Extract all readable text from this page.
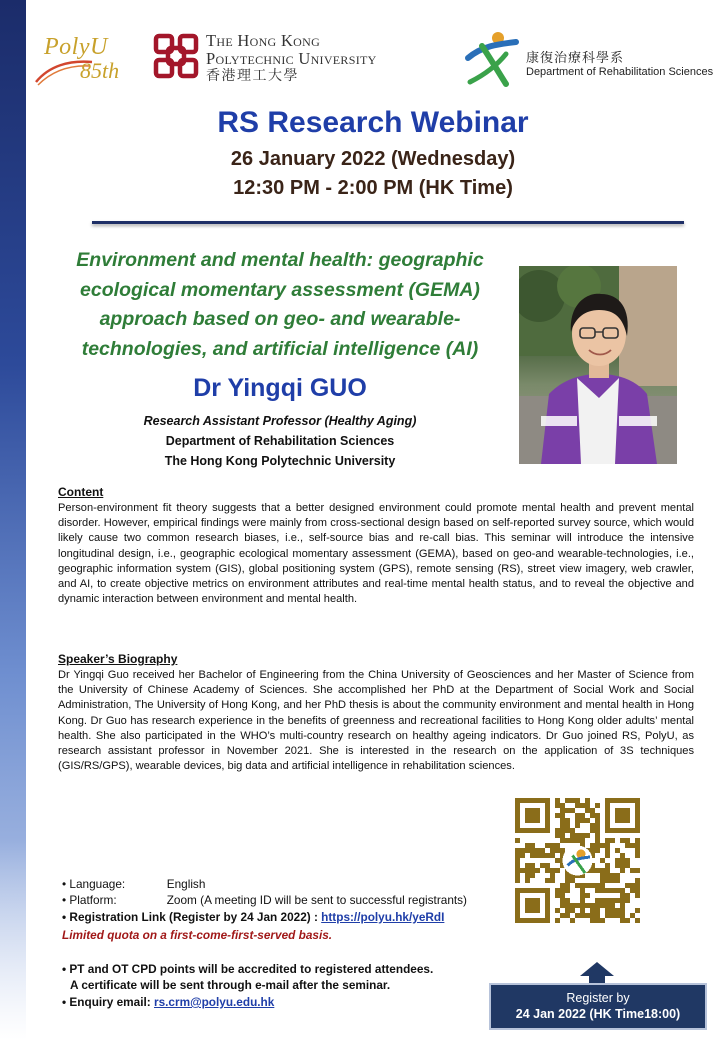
PolyU
85th
The Hong Kong
Polytechnic University
香港理工大學
康復治療科學系
Department of Rehabilitation Sciences
RS Research Webinar
26 January 2022 (Wednesday)
12:30 PM - 2:00 PM (HK Time)
Environment and mental health: geographic
ecological momentary assessment (GEMA)
approach based on geo- and wearable-
technologies, and artificial intelligence (AI)
Dr Yingqi GUO
Research Assistant Professor (Healthy Aging)
Department of Rehabilitation Sciences
The Hong Kong Polytechnic University
Content
Person-environment fit theory suggests that a better designed environment could promote mental health and prevent mental disorder. However, empirical findings were mainly from cross-sectional design based on self-reported survey source, which would likely cause two common research biases, i.e., self-source bias and re-call bias. This seminar will introduce the intensive longitudinal design, i.e., geographic ecological momentary assessment (GEMA), based on geo-and wearable-technologies, i.e., geographic information system (GIS), global positioning system (GPS), remote sensing (RS), street view imagery, web crawler, and AI, to create objective metrics on environment attributes and real-time mental health status, and to reveal the objective and dynamic interaction between environment and mental health.
Speaker’s Biography
Dr Yingqi Guo received her Bachelor of Engineering from the China University of Geosciences and her Master of Science from the University of Chinese Academy of Sciences. She accomplished her PhD at the Department of Social Work and Social Administration, The University of Hong Kong, and her PhD thesis is about the community environment and mental health in Hong Kong. Dr Guo has research experience in the benefits of greenness and recreational facilities to Hong Kong older adults’ mental health. She also participated in the WHO’s multi-country research on healthy ageing indicators. Dr Guo joined RS, PolyU, as research assistant professor in November 2021. She is interested in the research on the application of 3S techniques (GIS/RS/GPS), wearable devices, big data and artificial intelligence in rehabilitation sciences.
• Language:	English
• Platform:	Zoom (A meeting ID will be sent to successful registrants)
• Registration Link (Register by 24 Jan 2022) : https://polyu.hk/yeRdI
Limited quota on a first-come-first-served basis.
• PT and OT CPD points will be accredited to registered attendees.
A certificate will be sent through e-mail after the seminar.
• Enquiry email: rs.crm@polyu.edu.hk	Register by
24 Jan 2022 (HK Time18:00)
